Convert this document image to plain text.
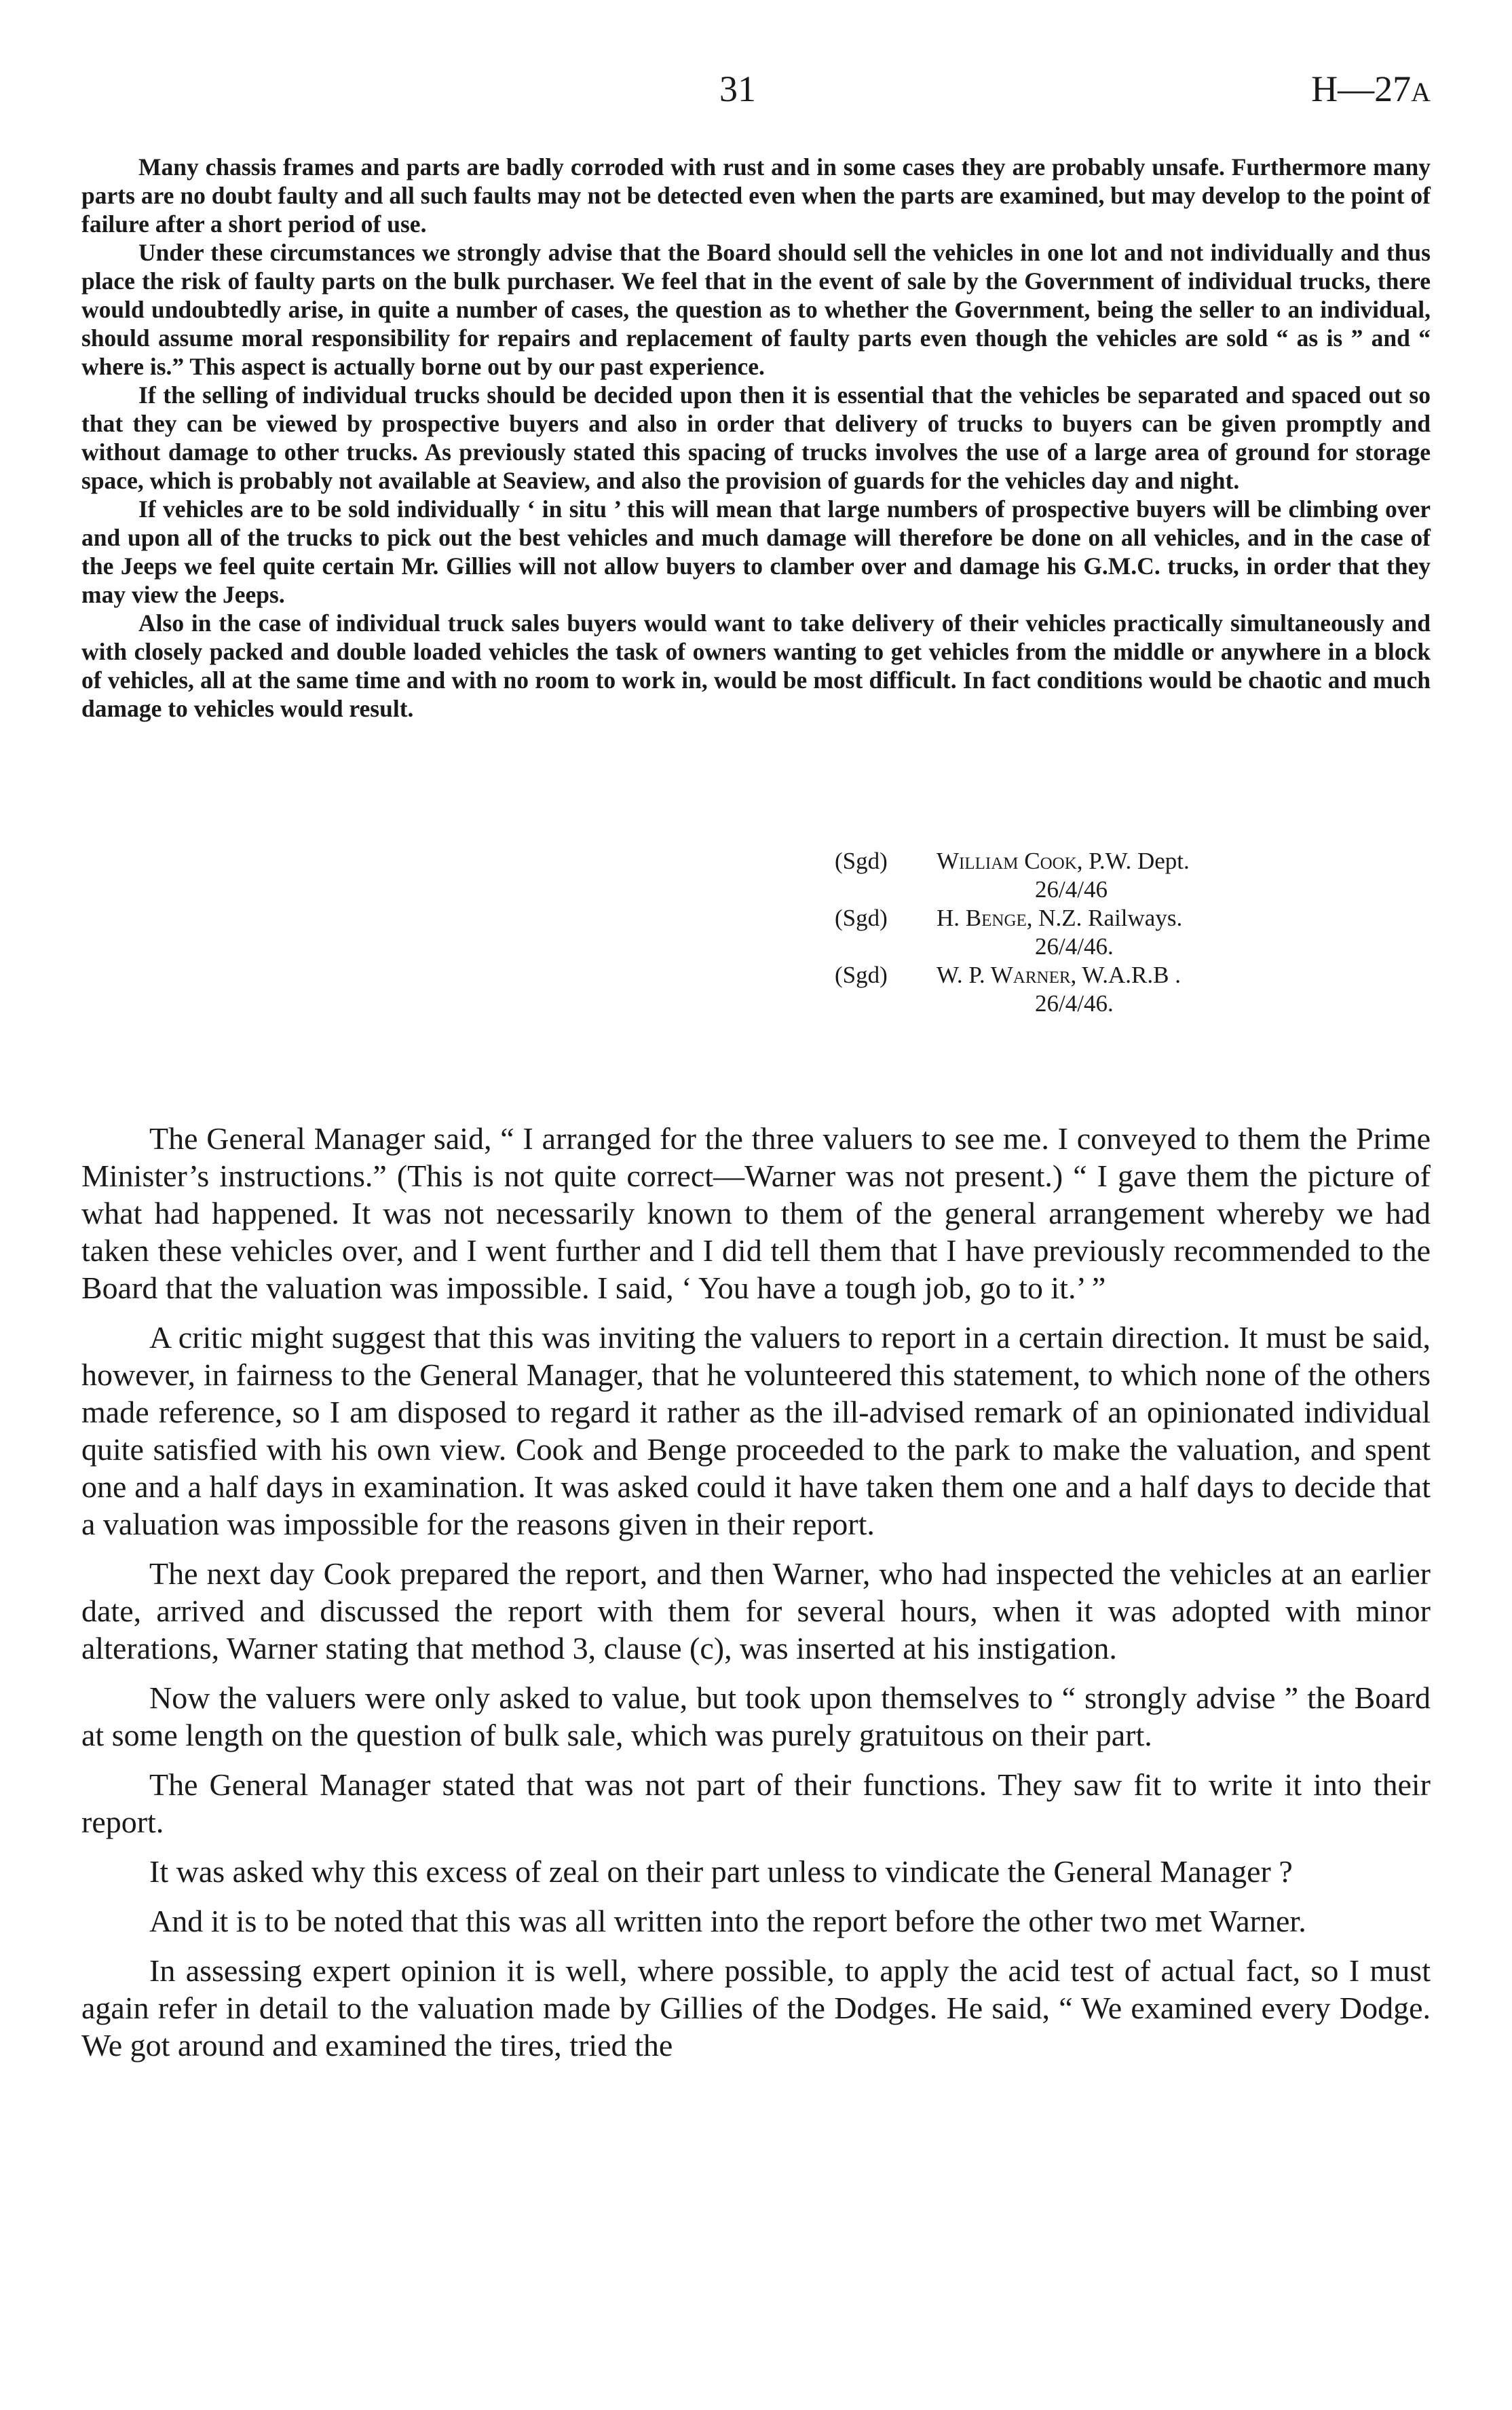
31	H—27A

Many chassis frames and parts are badly corroded with rust and in some cases they are probably unsafe. Furthermore many parts are no doubt faulty and all such faults may not be detected even when the parts are examined, but may develop to the point of failure after a short period of use.

Under these circumstances we strongly advise that the Board should sell the vehicles in one lot and not individually and thus place the risk of faulty parts on the bulk purchaser. We feel that in the event of sale by the Government of individual trucks, there would undoubtedly arise, in quite a number of cases, the question as to whether the Government, being the seller to an individual, should assume moral responsibility for repairs and replacement of faulty parts even though the vehicles are sold “ as is ” and “ where is.” This aspect is actually borne out by our past experience.

If the selling of individual trucks should be decided upon then it is essential that the vehicles be separated and spaced out so that they can be viewed by prospective buyers and also in order that delivery of trucks to buyers can be given promptly and without damage to other trucks. As previously stated this spacing of trucks involves the use of a large area of ground for storage space, which is probably not available at Seaview, and also the provision of guards for the vehicles day and night.

If vehicles are to be sold individually ‘ in situ ’ this will mean that large numbers of prospective buyers will be climbing over and upon all of the trucks to pick out the best vehicles and much damage will therefore be done on all vehicles, and in the case of the Jeeps we feel quite certain Mr. Gillies will not allow buyers to clamber over and damage his G.M.C. trucks, in order that they may view the Jeeps.

Also in the case of individual truck sales buyers would want to take delivery of their vehicles practically simultaneously and with closely packed and double loaded vehicles the task of owners wanting to get vehicles from the middle or anywhere in a block of vehicles, all at the same time and with no room to work in, would be most difficult. In fact conditions would be chaotic and much damage to vehicles would result.

(Sgd)	William Cook, P.W. Dept.
26/4/46
(Sgd)	H. Benge, N.Z. Railways.
26/4/46.
(Sgd)	W. P. Warner, W.A.R.B .
26/4/46.

The General Manager said, “ I arranged for the three valuers to see me. I conveyed to them the Prime Minister’s instructions.” (This is not quite correct—Warner was not present.) “ I gave them the picture of what had happened. It was not necessarily known to them of the general arrangement whereby we had taken these vehicles over, and I went further and I did tell them that I have previously recommended to the Board that the valuation was impossible. I said, ‘ You have a tough job, go to it.’ ”

A critic might suggest that this was inviting the valuers to report in a certain direction. It must be said, however, in fairness to the General Manager, that he volunteered this statement, to which none of the others made reference, so I am disposed to regard it rather as the ill-advised remark of an opinionated individual quite satisfied with his own view. Cook and Benge proceeded to the park to make the valuation, and spent one and a half days in examination. It was asked could it have taken them one and a half days to decide that a valuation was impossible for the reasons given in their report.

The next day Cook prepared the report, and then Warner, who had inspected the vehicles at an earlier date, arrived and discussed the report with them for several hours, when it was adopted with minor alterations, Warner stating that method 3, clause (c), was inserted at his instigation.

Now the valuers were only asked to value, but took upon themselves to “ strongly advise ” the Board at some length on the question of bulk sale, which was purely gratuitous on their part.

The General Manager stated that was not part of their functions. They saw fit to write it into their report.

It was asked why this excess of zeal on their part unless to vindicate the General Manager ?

And it is to be noted that this was all written into the report before the other two met Warner.

In assessing expert opinion it is well, where possible, to apply the acid test of actual fact, so I must again refer in detail to the valuation made by Gillies of the Dodges. He said, “ We examined every Dodge. We got around and examined the tires, tried the
